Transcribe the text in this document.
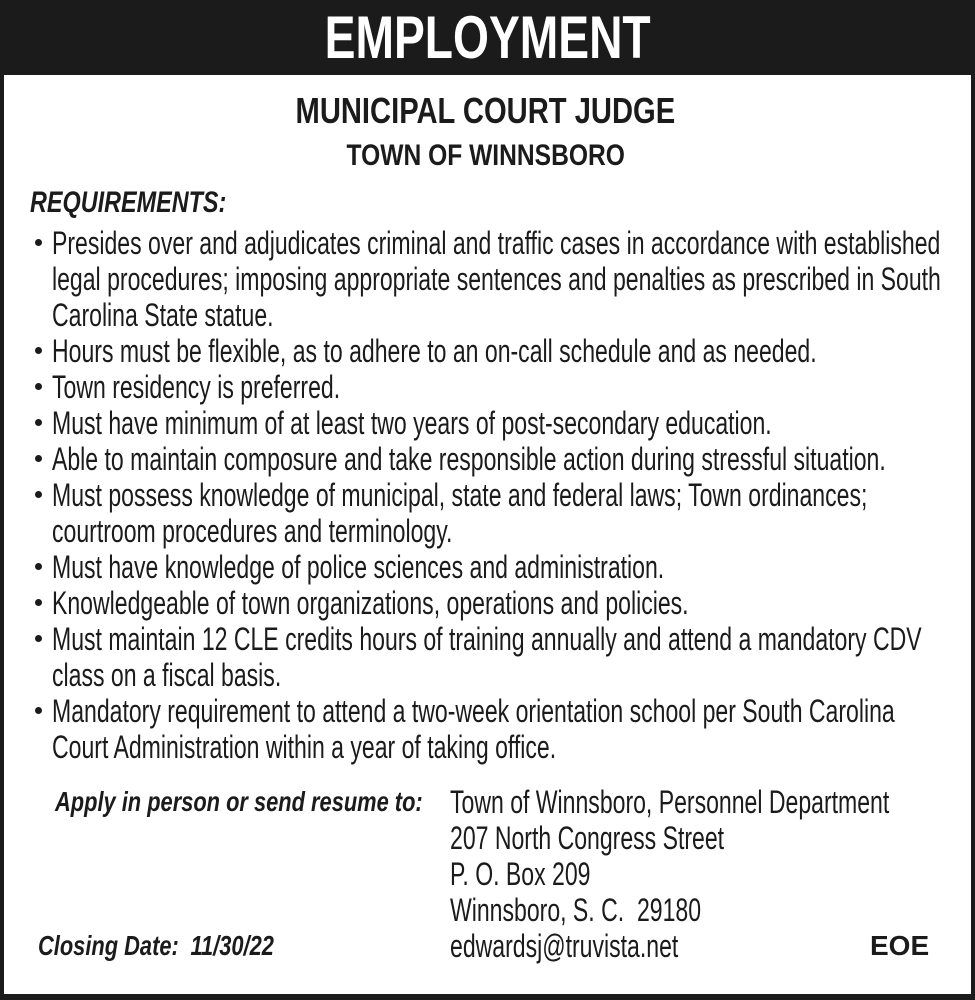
EMPLOYMENT
MUNICIPAL COURT JUDGE
TOWN OF WINNSBORO
REQUIREMENTS:
Presides over and adjudicates criminal and traffic cases in accordance with established legal procedures; imposing appropriate sentences and penalties as prescribed in South Carolina State statue.
Hours must be flexible, as to adhere to an on-call schedule and as needed.
Town residency is preferred.
Must have minimum of at least two years of post-secondary education.
Able to maintain composure and take responsible action during stressful situation.
Must possess knowledge of municipal, state and federal laws; Town ordinances; courtroom procedures and terminology.
Must have knowledge of police sciences and administration.
Knowledgeable of town organizations, operations and policies.
Must maintain 12 CLE credits hours of training annually and attend a mandatory CDV class on a fiscal basis.
Mandatory requirement to attend a two-week orientation school per South Carolina Court Administration within a year of taking office.
Apply in person or send resume to:
Closing Date: 11/30/22
Town of Winnsboro, Personnel Department
207 North Congress Street
P. O. Box 209
Winnsboro, S. C.  29180
edwardsj@truvista.net	EOE
